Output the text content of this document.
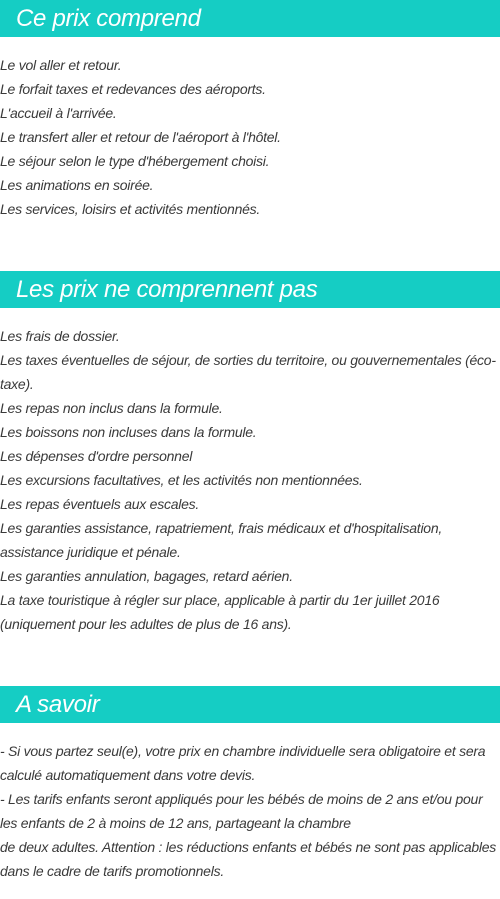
Ce prix comprend
Le vol aller et retour.
Le forfait taxes et redevances des aéroports.
L'accueil à l'arrivée.
Le transfert aller et retour de l'aéroport à l'hôtel.
Le séjour selon le type d'hébergement choisi.
Les animations en soirée.
Les services, loisirs et activités mentionnés.
Les prix ne comprennent pas
Les frais de dossier.
Les taxes éventuelles de séjour, de sorties du territoire, ou gouvernementales (éco-taxe).
Les repas non inclus dans la formule.
Les boissons non incluses dans la formule.
Les dépenses d'ordre personnel
Les excursions facultatives, et les activités non mentionnées.
Les repas éventuels aux escales.
Les garanties assistance, rapatriement, frais médicaux et d'hospitalisation, assistance juridique et pénale.
Les garanties annulation, bagages, retard aérien.
La taxe touristique à régler sur place, applicable à partir du 1er juillet 2016 (uniquement pour les adultes de plus de 16 ans).
A savoir
- Si vous partez seul(e), votre prix en chambre individuelle sera obligatoire et sera calculé automatiquement dans votre devis.
- Les tarifs enfants seront appliqués pour les bébés de moins de 2 ans et/ou pour les enfants de 2 à moins de 12 ans, partageant la chambre
de deux adultes. Attention : les réductions enfants et bébés ne sont pas applicables dans le cadre de tarifs promotionnels.
